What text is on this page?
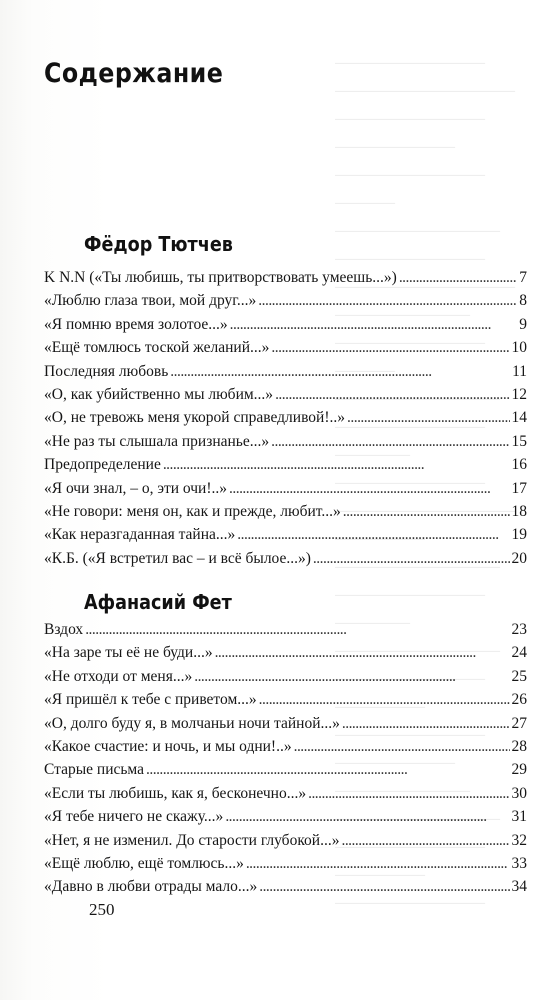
——————————
————————————
——————————
————————
——————————
————
———————————
——————————
————————————
—————————
——————————
————
———————————
——————————
—————
——————————
————————————
——————
———————————
——————————
—————
———————————
——————————
——————
——————————
————————
—————————
———————————
——————————
——————
——————————
Содержание
Фёдор Тютчев
K N.N («Ты любишь, ты притворствовать умеешь...») . . .	7
«Люблю глаза твои, мой друг...» . . .	8
«Я помню время золотое...» . . .	9
«Ещё томлюсь тоской желаний...» . . .	10
Последняя любовь . . .	11
«О, как убийственно мы любим...» . . .	12
«О, не тревожь меня укорой справедливой!..» . . .	14
«Не раз ты слышала признанье...» . . .	15
Предопределение . . .	16
«Я очи знал, – о, эти очи!..» . . .	17
«Не говори: меня он, как и прежде, любит...» . . .	18
«Как неразгаданная тайна...» . . .	19
«К.Б. («Я встретил вас – и всё былое...») . . .	20
Афанасий Фет
Вздох . . .	23
«На заре ты её не буди...» . . .	24
«Не отходи от меня...» . . .	25
«Я пришёл к тебе с приветом...» . . .	26
«О, долго буду я, в молчаньи ночи тайной...» . . .	27
«Какое счастие: и ночь, и мы одни!..» . . .	28
Старые письма . . .	29
«Если ты любишь, как я, бесконечно...» . . .	30
«Я тебе ничего не скажу...» . . .	31
«Нет, я не изменил. До старости глубокой...» . . .	32
«Ещё люблю, ещё томлюсь...» . . .	33
«Давно в любви отрады мало...» . . .	34
250
